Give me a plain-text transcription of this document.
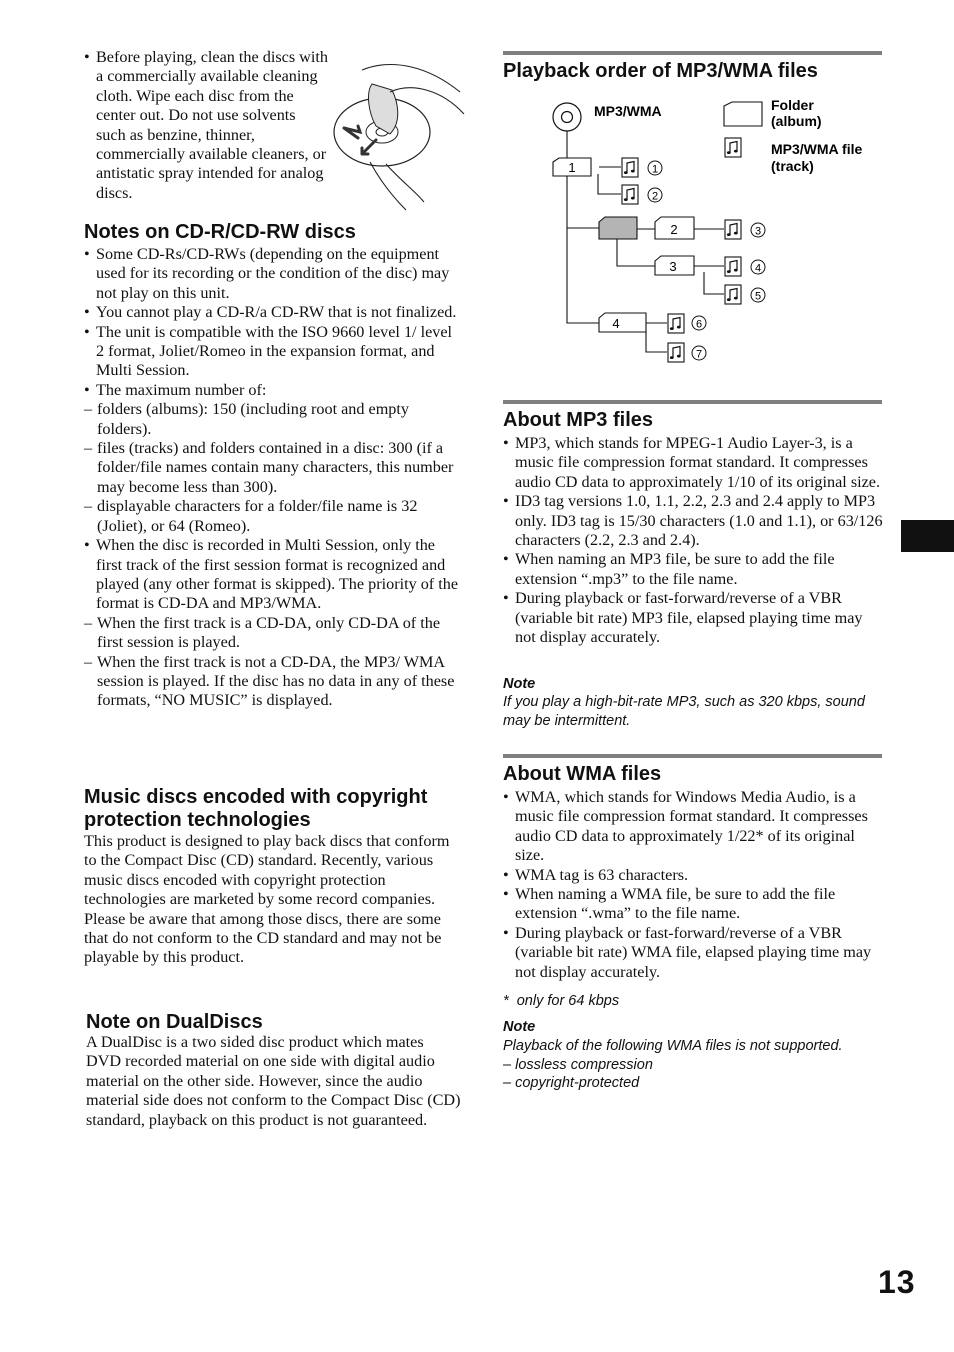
• Before playing, clean the discs with a commercially available cleaning cloth. Wipe each disc from the center out. Do not use solvents such as benzine, thinner, commercially available cleaners, or antistatic spray intended for analog discs.
Notes on CD-R/CD-RW discs
• Some CD-Rs/CD-RWs (depending on the equipment used for its recording or the condition of the disc) may not play on this unit.
• You cannot play a CD-R/a CD-RW that is not finalized.
• The unit is compatible with the ISO 9660 level 1/ level 2 format, Joliet/Romeo in the expansion format, and Multi Session.
• The maximum number of:
– folders (albums): 150 (including root and empty folders).
– files (tracks) and folders contained in a disc: 300 (if a folder/file names contain many characters, this number may become less than 300).
– displayable characters for a folder/file name is 32 (Joliet), or 64 (Romeo).
• When the disc is recorded in Multi Session, only the first track of the first session format is recognized and played (any other format is skipped). The priority of the format is CD-DA and MP3/WMA.
– When the first track is a CD-DA, only CD-DA of the first session is played.
– When the first track is not a CD-DA, the MP3/ WMA session is played. If the disc has no data in any of these formats, “NO MUSIC” is displayed.
Music discs encoded with copyright protection technologies
This product is designed to play back discs that conform to the Compact Disc (CD) standard. Recently, various music discs encoded with copyright protection technologies are marketed by some record companies. Please be aware that among those discs, there are some that do not conform to the CD standard and may not be playable by this product.
Note on DualDiscs
A DualDisc is a two sided disc product which mates DVD recorded material on one side with digital audio material on the other side. However, since the audio material side does not conform to the Compact Disc (CD) standard, playback on this product is not guaranteed.
Playback order of MP3/WMA files
MP3/WMA	Folder
(album)
MP3/WMA file
(track)
1
2
3
4
1
2
3
4
5
6
7
About MP3 files
• MP3, which stands for MPEG-1 Audio Layer-3, is a music file compression format standard. It compresses audio CD data to approximately 1/10 of its original size.
• ID3 tag versions 1.0, 1.1, 2.2, 2.3 and 2.4 apply to MP3 only. ID3 tag is 15/30 characters (1.0 and 1.1), or 63/126 characters (2.2, 2.3 and 2.4).
• When naming an MP3 file, be sure to add the file extension “.mp3” to the file name.
• During playback or fast-forward/reverse of a VBR (variable bit rate) MP3 file, elapsed playing time may not display accurately.
Note
If you play a high-bit-rate MP3, such as 320 kbps, sound may be intermittent.
About WMA files
• WMA, which stands for Windows Media Audio, is a music file compression format standard. It compresses audio CD data to approximately 1/22* of its original size.
• WMA tag is 63 characters.
• When naming a WMA file, be sure to add the file extension “.wma” to the file name.
• During playback or fast-forward/reverse of a VBR (variable bit rate) WMA file, elapsed playing time may not display accurately.
* only for 64 kbps
Note
Playback of the following WMA files is not supported.
– lossless compression
– copyright-protected
13
